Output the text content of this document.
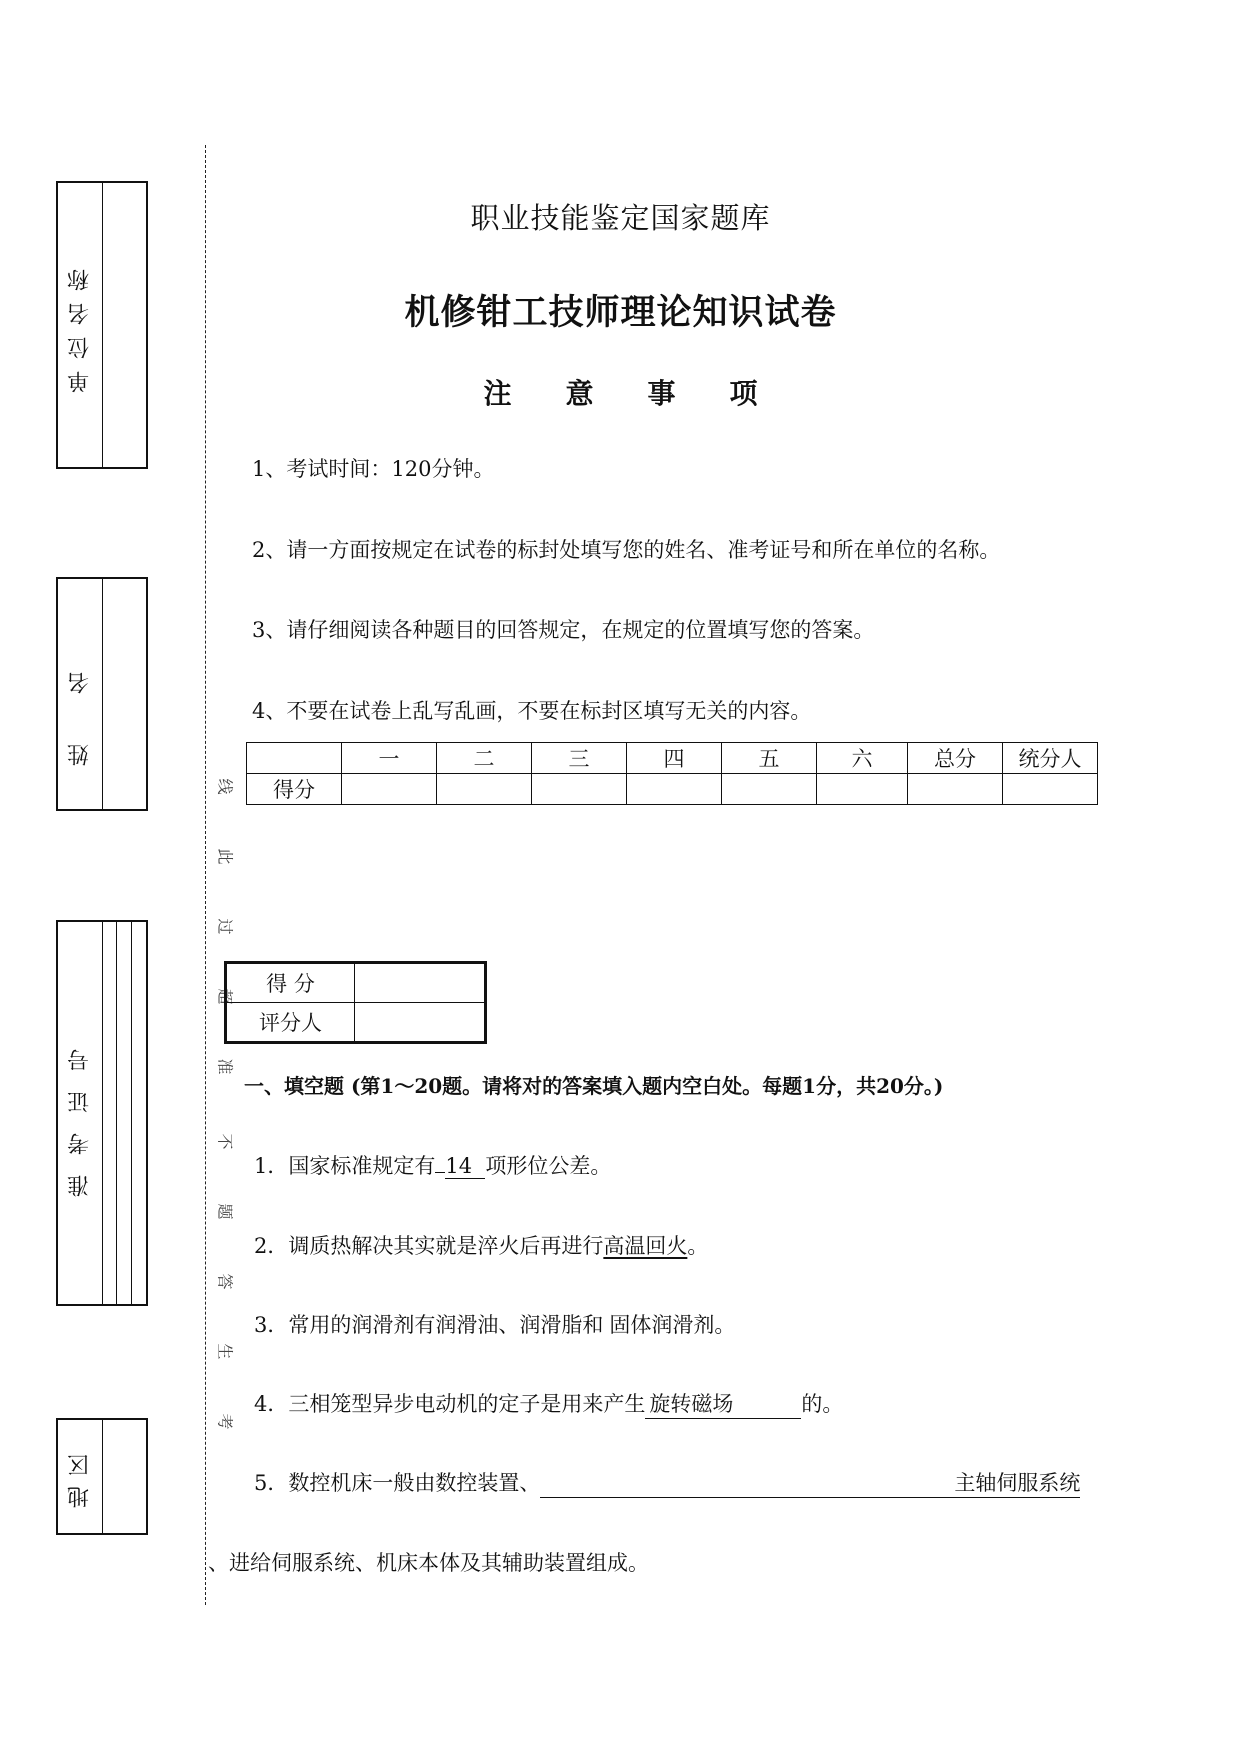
单位名称
姓名
准考证号
地区
线
此
过
超
准
不
题
答
生
考
职业技能鉴定国家题库
机修钳工技师理论知识试卷
注 意 事 项
1、考试时间：120分钟。
2、请一方面按规定在试卷的标封处填写您的姓名、准考证号和所在单位的名称。
3、请仔细阅读各种题目的回答规定，在规定的位置填写您的答案。
4、不要在试卷上乱写乱画，不要在标封区填写无关的内容。
	一	二	三	四	五	六	总分	统分人
得分								
得 分	
评分人	
一、填空题 (第1～20题。请将对的答案填入题内空白处。每题1分，共20分。)
1．国家标准规定有 14 项形位公差。
2．调质热解决其实就是淬火后再进行高温回火。
3．常用的润滑剂有润滑油、润滑脂和 固体润滑剂。
4．三相笼型异步电动机的定子是用来产生 旋转磁场	的。
5．数控机床一般由数控装置、	主轴伺服系统
、进给伺服系统、机床本体及其辅助装置组成。
